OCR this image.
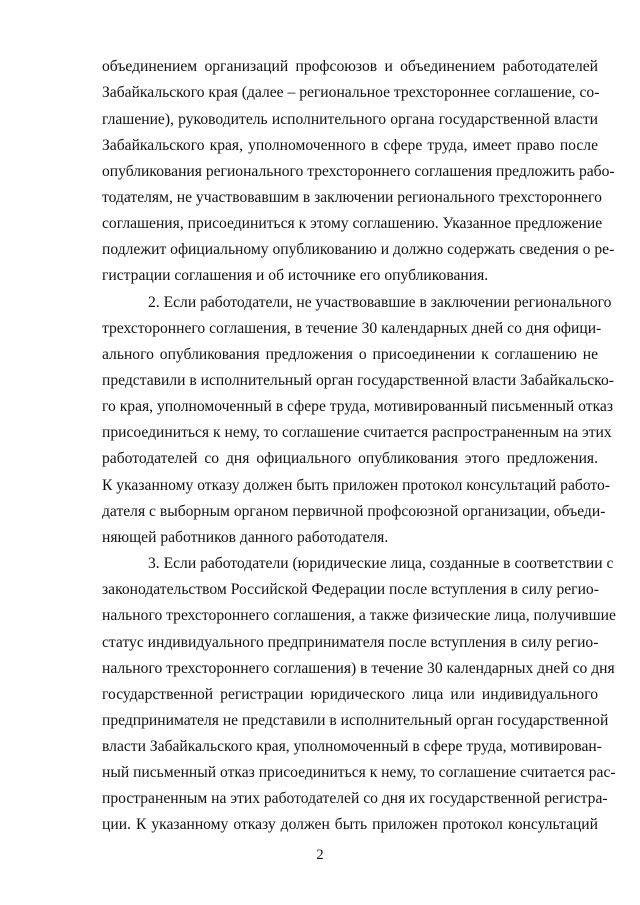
объединением организаций профсоюзов и объединением работодателей
Забайкальского края (далее – региональное трехстороннее соглашение, со-
глашение), руководитель исполнительного органа государственной власти
Забайкальского края, уполномоченного в сфере труда, имеет право после
опубликования регионального трехстороннего соглашения предложить рабо-
тодателям, не участвовавшим в заключении регионального трехстороннего
соглашения, присоединиться к этому соглашению. Указанное предложение
подлежит официальному опубликованию и должно содержать сведения о ре-
гистрации соглашения и об источнике его опубликования.
2. Если работодатели, не участвовавшие в заключении регионального
трехстороннего соглашения, в течение 30 календарных дней со дня офици-
ального опубликования предложения о присоединении к соглашению не
представили в исполнительный орган государственной власти Забайкальско-
го края, уполномоченный в сфере труда, мотивированный письменный отказ
присоединиться к нему, то соглашение считается распространенным на этих
работодателей со дня официального опубликования этого предложения.
К указанному отказу должен быть приложен протокол консультаций работо-
дателя с выборным органом первичной профсоюзной организации, объеди-
няющей работников данного работодателя.
3. Если работодатели (юридические лица, созданные в соответствии с
законодательством Российской Федерации после вступления в силу регио-
нального трехстороннего соглашения, а также физические лица, получившие
статус индивидуального предпринимателя после вступления в силу регио-
нального трехстороннего соглашения) в течение 30 календарных дней со дня
государственной регистрации юридического лица или индивидуального
предпринимателя не представили в исполнительный орган государственной
власти Забайкальского края, уполномоченный в сфере труда, мотивирован-
ный письменный отказ присоединиться к нему, то соглашение считается рас-
пространенным на этих работодателей со дня их государственной регистра-
ции. К указанному отказу должен быть приложен протокол консультаций
2
